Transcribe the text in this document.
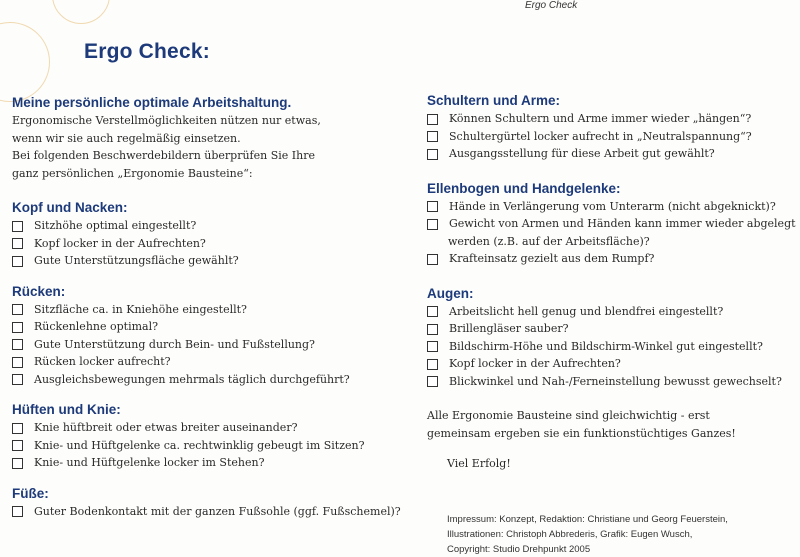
Ergo Check
Ergo Check:
Meine persönliche optimale Arbeitshaltung.

Ergonomische Verstellmöglichkeiten nützen nur etwas,

wenn wir sie auch regelmäßig einsetzen.

Bei folgenden Beschwerdebildern überprüfen Sie Ihre

ganz persönlichen „Ergonomie Bausteine“:

Kopf und Nacken:
Sitzhöhe optimal eingestellt?
Kopf locker in der Aufrechten?
Gute Unterstützungsfläche gewählt?
Rücken:
Sitzfläche ca. in Kniehöhe eingestellt?
Rückenlehne optimal?
Gute Unterstützung durch Bein- und Fußstellung?
Rücken locker aufrecht?
Ausgleichsbewegungen mehrmals täglich durchgeführt?
Hüften und Knie:
Knie hüftbreit oder etwas breiter auseinander?
Knie- und Hüftgelenke ca. rechtwinklig gebeugt im Sitzen?
Knie- und Hüftgelenke locker im Stehen?
Füße:
Guter Bodenkontakt mit der ganzen Fußsohle (ggf. Fußschemel)?
Schultern und Arme:
Können Schultern und Arme immer wieder „hängen“?
Schultergürtel locker aufrecht in „Neutralspannung“?
Ausgangsstellung für diese Arbeit gut gewählt?
Ellenbogen und Handgelenke:
Hände in Verlängerung vom Unterarm (nicht abgeknickt)?
Gewicht von Armen und Händen kann immer wieder abgelegt
werden (z.B. auf der Arbeitsfläche)?
Krafteinsatz gezielt aus dem Rumpf?
Augen:
Arbeitslicht hell genug und blendfrei eingestellt?
Brillengläser sauber?
Bildschirm-Höhe und Bildschirm-Winkel gut eingestellt?
Kopf locker in der Aufrechten?
Blickwinkel und Nah-/Ferneinstellung bewusst gewechselt?

Alle Ergonomie Bausteine sind gleichwichtig - erst

gemeinsam ergeben sie ein funktionstüchtiges Ganzes!

Viel Erfolg!

Impressum: Konzept, Redaktion: Christiane und Georg Feuerstein,
Illustrationen: Christoph Abbrederis, Grafik: Eugen Wusch,
Copyright: Studio Drehpunkt 2005
